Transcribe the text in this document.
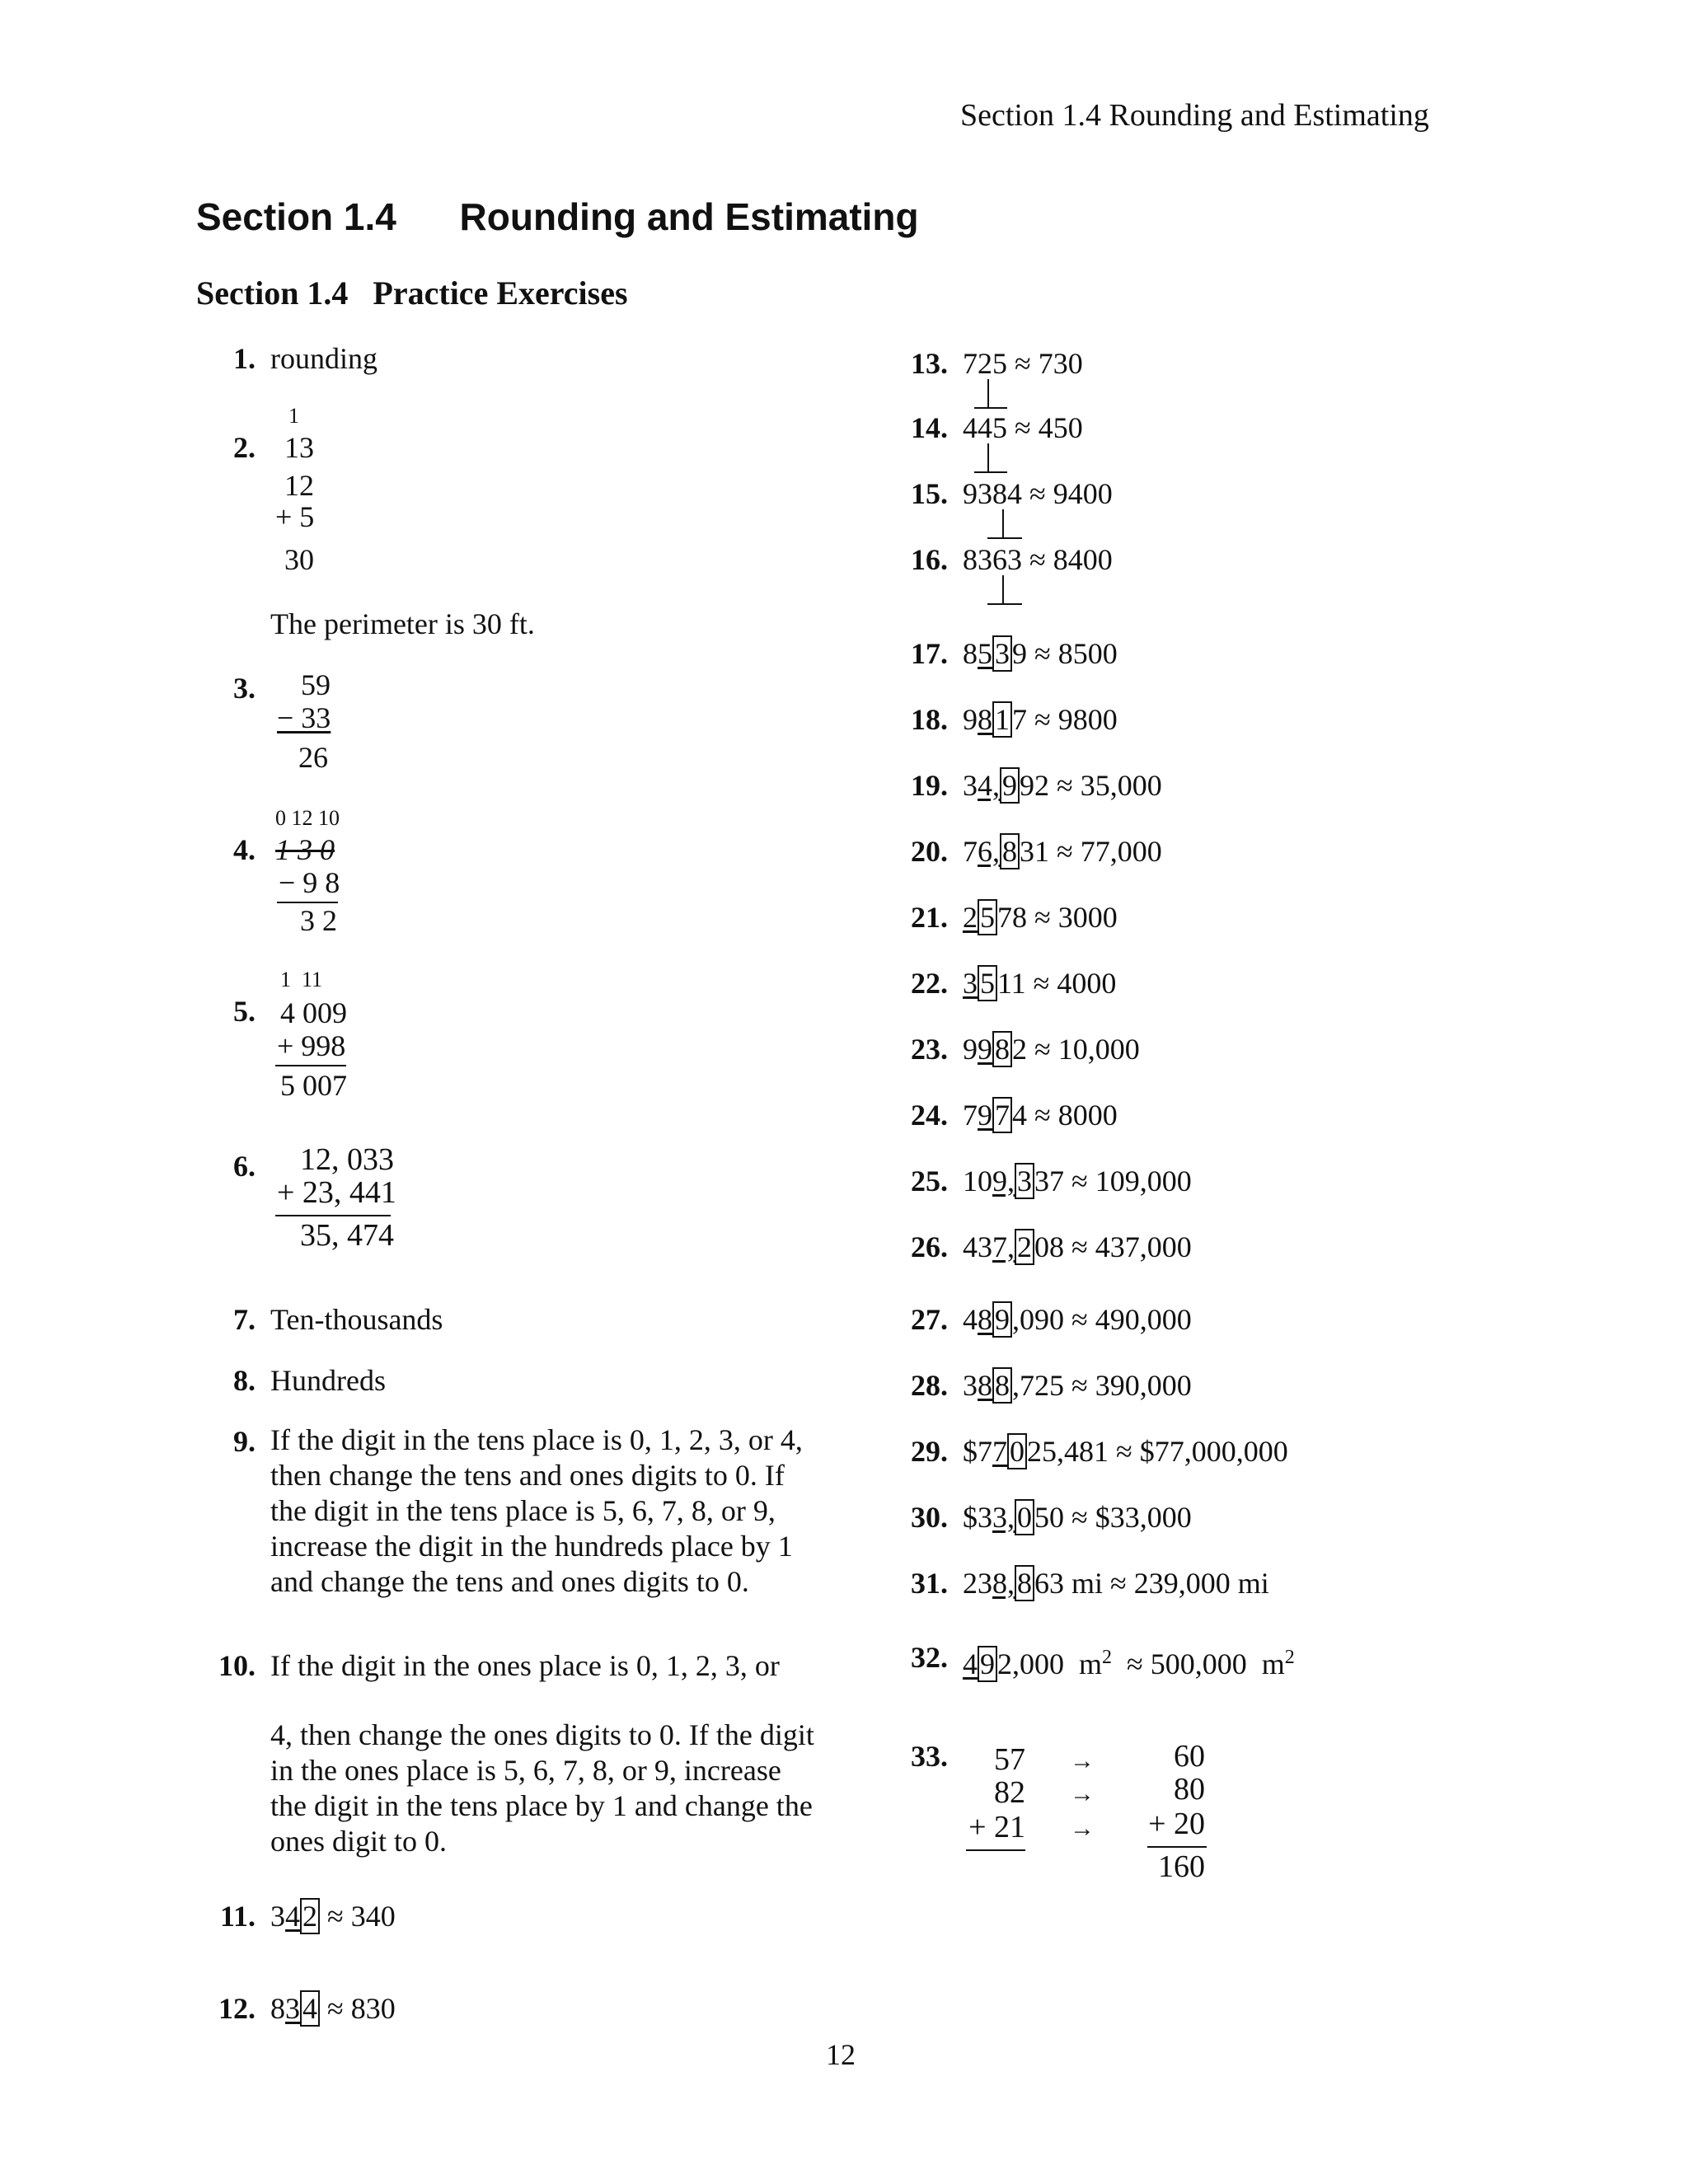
Section 1.4 Rounding and Estimating
Section 1.4      Rounding and Estimating
Section 1.4   Practice Exercises
1. rounding
2.
1
13
12
+ 5
30
The perimeter is 30 ft.
3. 59
− 33
26
4.
0 12 10
1 3 0
− 9 8
3 2
5.
1  11
4 009
+ 998
5 007
6. 12, 033
+ 23, 441
35, 474
7. Ten-thousands
8. Hundreds
9. If the digit in the tens place is 0, 1, 2, 3, or 4, then change the tens and ones digits to 0. If the digit in the tens place is 5, 6, 7, 8, or 9, increase the digit in the hundreds place by 1 and change the tens and ones digits to 0.
10. If the digit in the ones place is 0, 1, 2, 3, or
4, then change the ones digits to 0. If the digit in the ones place is 5, 6, 7, 8, or 9, increase the digit in the tens place by 1 and change the ones digit to 0.
11. 342 ≈ 340
12. 834 ≈ 830
13. 725 ≈ 730
14. 445 ≈ 450
15. 9384 ≈ 9400
16. 8363 ≈ 8400
17. 8539 ≈ 8500
18. 9817 ≈ 9800
19. 34,992 ≈ 35,000
20. 76,831 ≈ 77,000
21. 2578 ≈ 3000
22. 3511 ≈ 4000
23. 9982 ≈ 10,000
24. 7974 ≈ 8000
25. 109,337 ≈ 109,000
26. 437,208 ≈ 437,000
27. 489,090 ≈ 490,000
28. 388,725 ≈ 390,000
29. $77025,481 ≈ $77,000,000
30. $33,050 ≈ $33,000
31. 238,863 mi ≈ 239,000 mi
32. 492,000  $m^2 \approx 500,000$  $m^2$
33.	57
82
+ 21
→
→
→
60
80
+ 20
160
12
